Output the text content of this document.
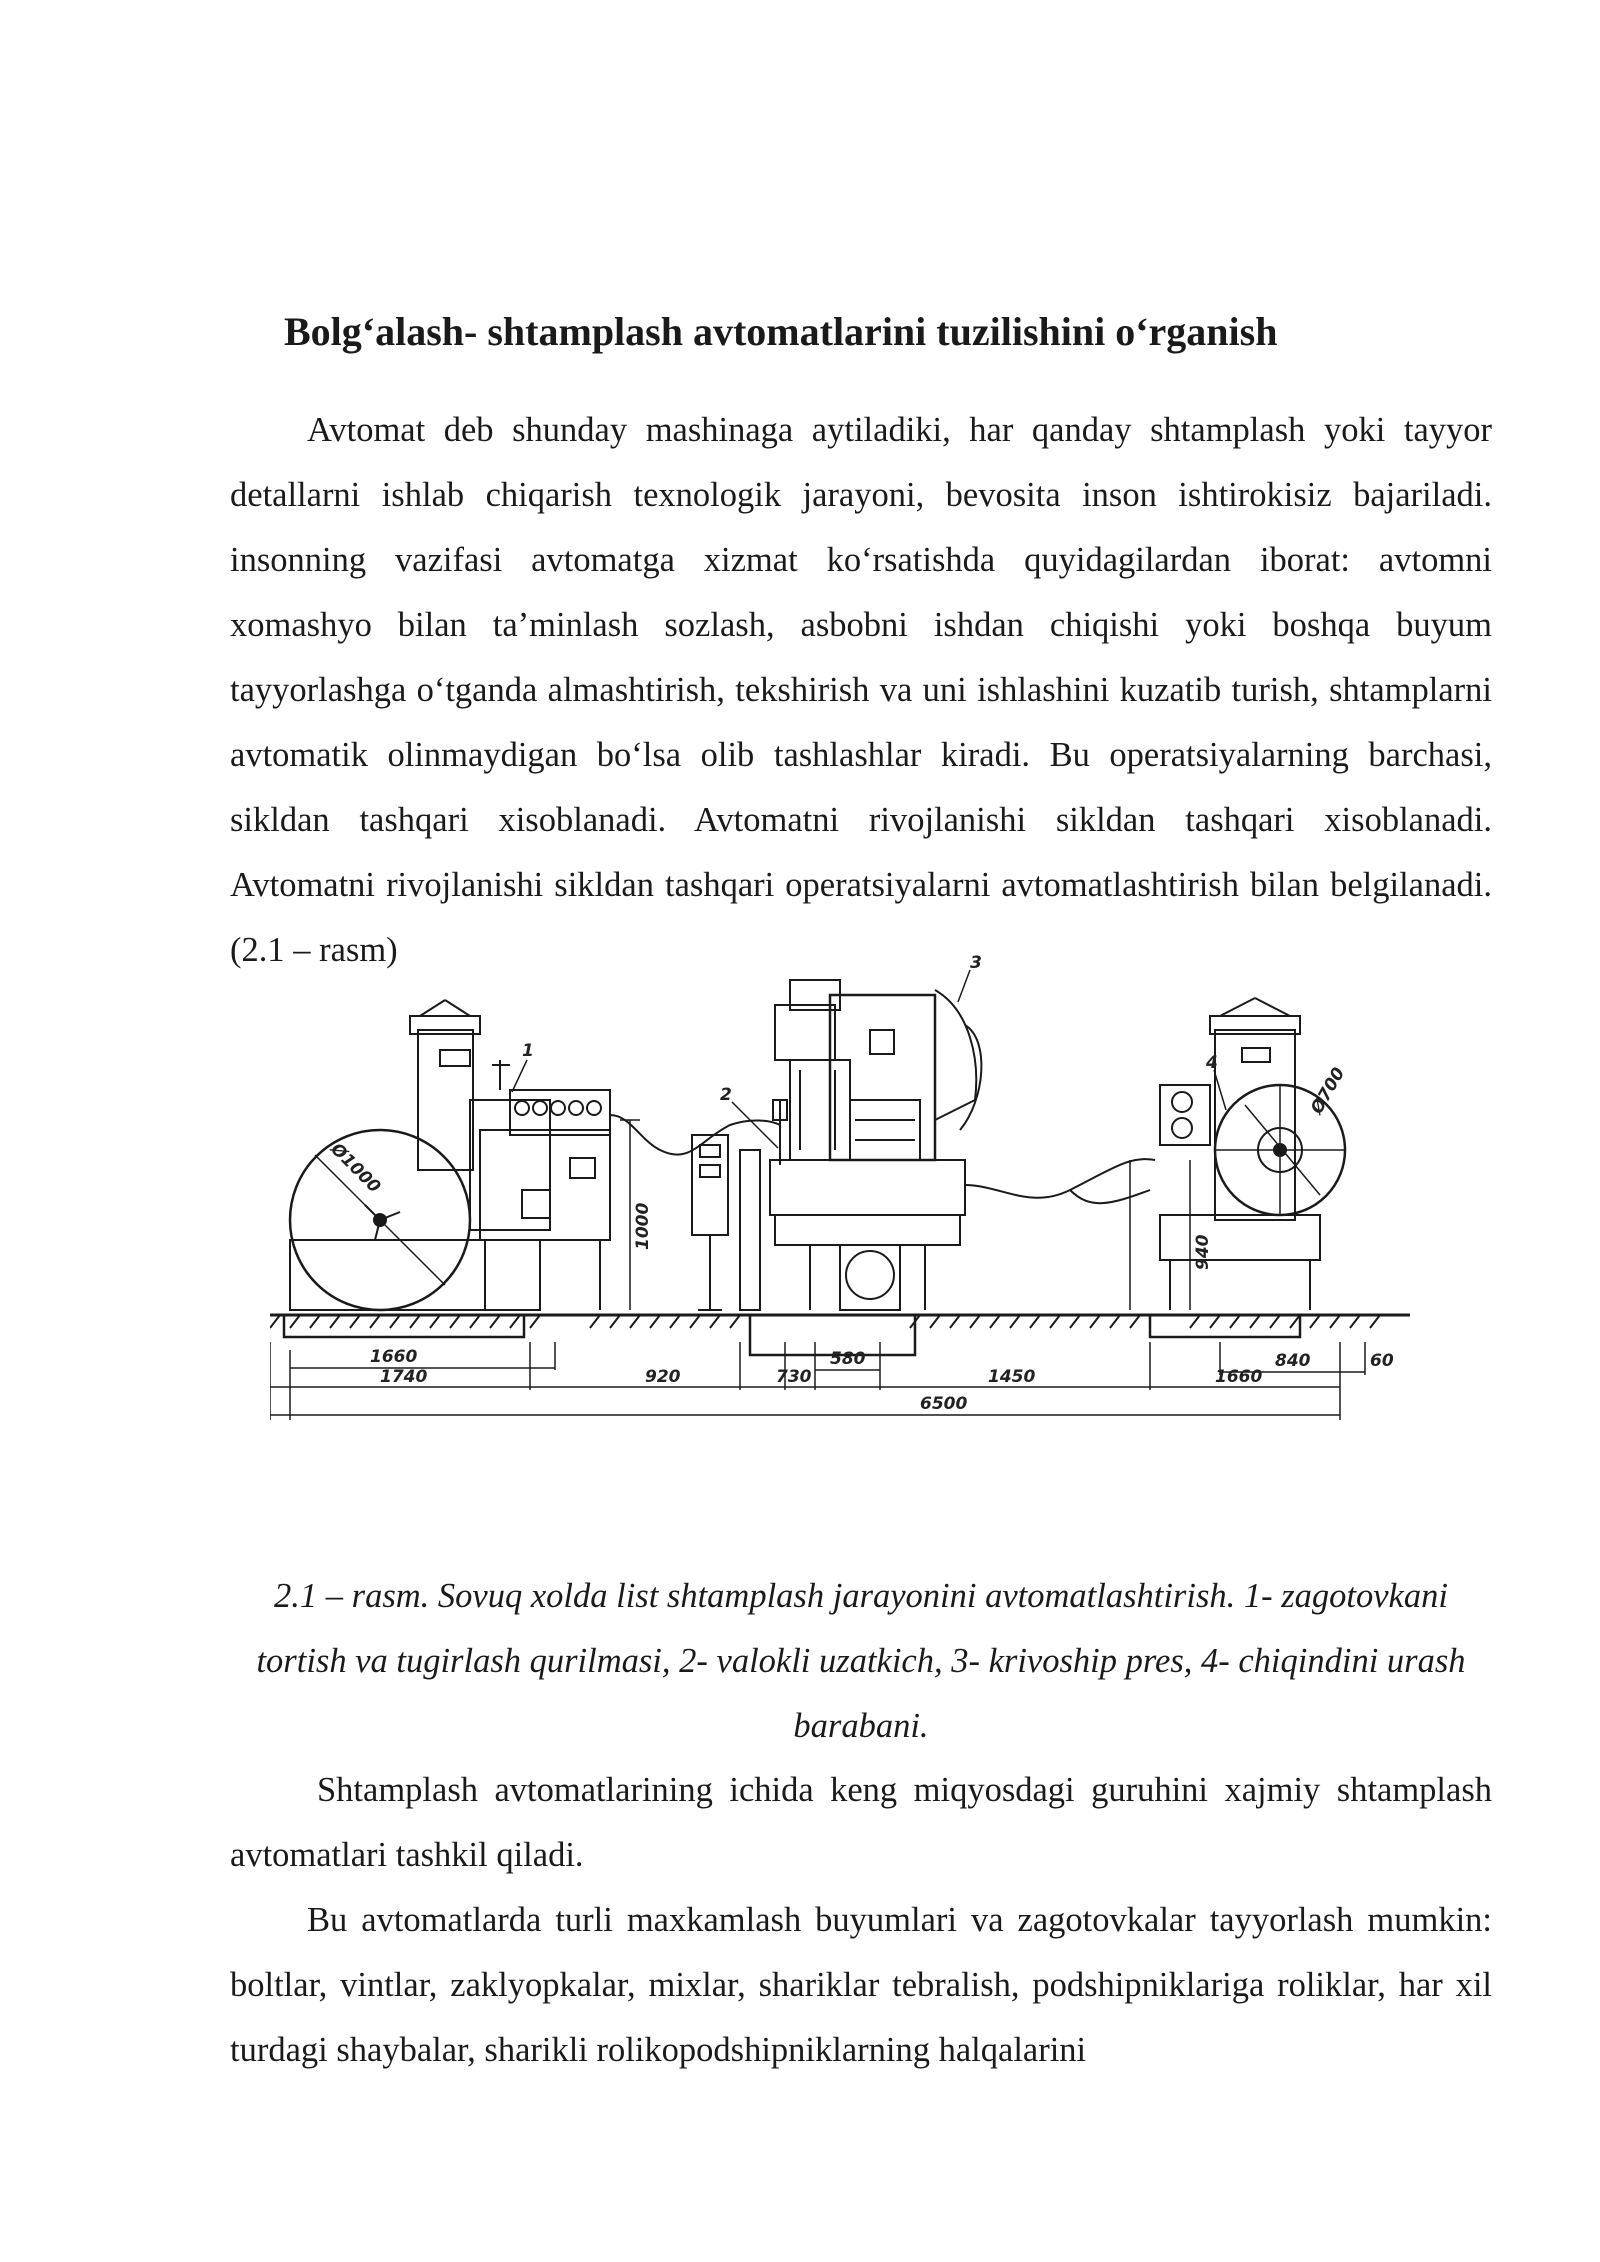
Bolg‘alash- shtamplash avtomatlarini tuzilishini o‘rganish

Avtomat deb shunday mashinaga aytiladiki, har qanday shtamplash yoki tayyor detallarni ishlab chiqarish texnologik jarayoni, bevosita inson ishtirokisiz bajariladi. insonning vazifasi avtomatga xizmat ko‘rsatishda quyidagilardan iborat: avtomni xomashyo bilan ta’minlash sozlash, asbobni ishdan chiqishi yoki boshqa buyum tayyorlashga o‘tganda almashtirish, tekshirish va uni ishlashini kuzatib turish, shtamplarni avtomatik olinmaydigan bo‘lsa olib tashlashlar kiradi. Bu operatsiyalarning barchasi, sikldan tashqari xisoblanadi. Avtomatni rivojlanishi sikldan tashqari xisoblanadi. Avtomatni rivojlanishi sikldan tashqari operatsiyalarni avtomatlashtirish bilan belgilanadi. (2.1 – rasm)

1
2
3
4
Ø1000
Ø700
1000
940
1660
1740	920	730
580
1450	1660
840	60
6500

2.1 – rasm. Sovuq xolda list shtamplash jarayonini avtomatlashtirish. 1- zagotovkani tortish va tugirlash qurilmasi, 2- valokli uzatkich, 3- krivoship pres, 4- chiqindini urash barabani.

Shtamplash avtomatlarining ichida keng miqyosdagi guruhini xajmiy shtamplash avtomatlari tashkil qiladi.

Bu avtomatlarda turli maxkamlash buyumlari va zagotovkalar tayyorlash mumkin: boltlar, vintlar, zaklyopkalar, mixlar, shariklar tebralish, podshipniklariga roliklar, har xil turdagi shaybalar, sharikli rolikopodshipniklarning halqalarini
